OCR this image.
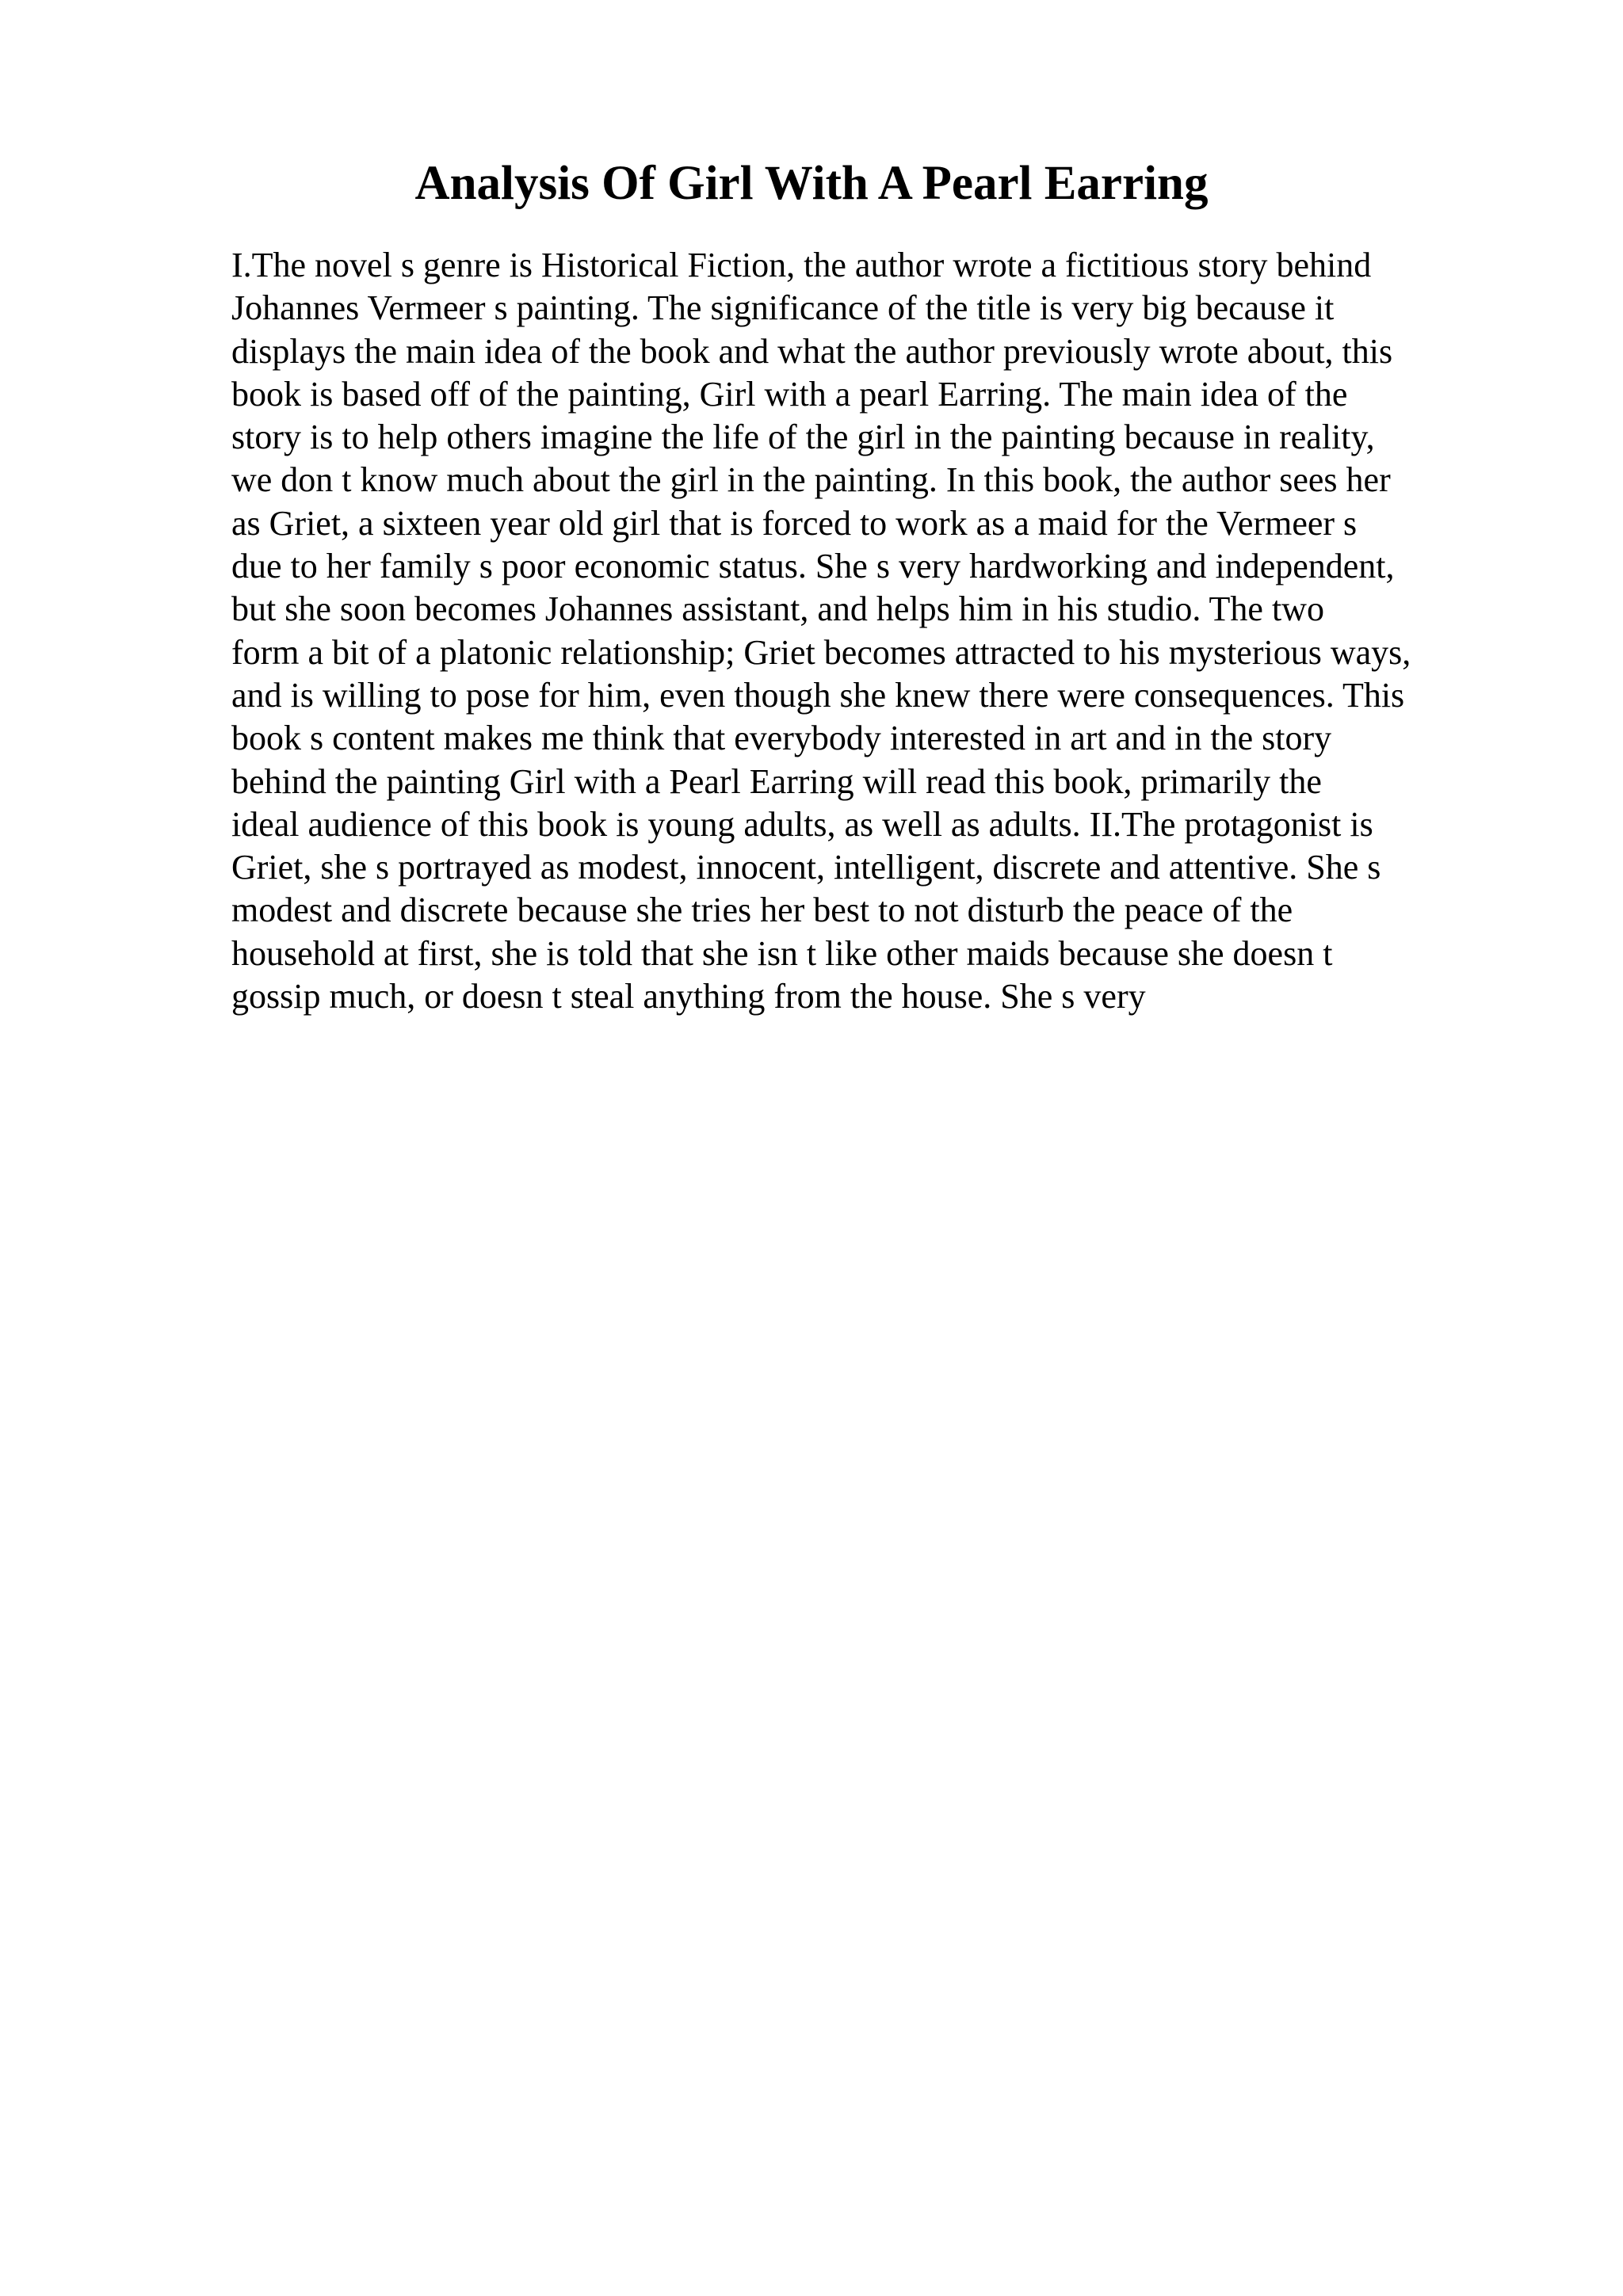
Analysis Of Girl With A Pearl Earring
I.The novel s genre is Historical Fiction, the author wrote a fictitious story behind
Johannes Vermeer s painting. The significance of the title is very big because it
displays the main idea of the book and what the author previously wrote about, this
book is based off of the painting, Girl with a pearl Earring. The main idea of the
story is to help others imagine the life of the girl in the painting because in reality,
we don t know much about the girl in the painting. In this book, the author sees her
as Griet, a sixteen year old girl that is forced to work as a maid for the Vermeer s
due to her family s poor economic status. She s very hardworking and independent,
but she soon becomes Johannes assistant, and helps him in his studio. The two
form a bit of a platonic relationship; Griet becomes attracted to his mysterious ways,
and is willing to pose for him, even though she knew there were consequences. This
book s content makes me think that everybody interested in art and in the story
behind the painting Girl with a Pearl Earring will read this book, primarily the
ideal audience of this book is young adults, as well as adults. II.The protagonist is
Griet, she s portrayed as modest, innocent, intelligent, discrete and attentive. She s
modest and discrete because she tries her best to not disturb the peace of the
household at first, she is told that she isn t like other maids because she doesn t
gossip much, or doesn t steal anything from the house. She s very
